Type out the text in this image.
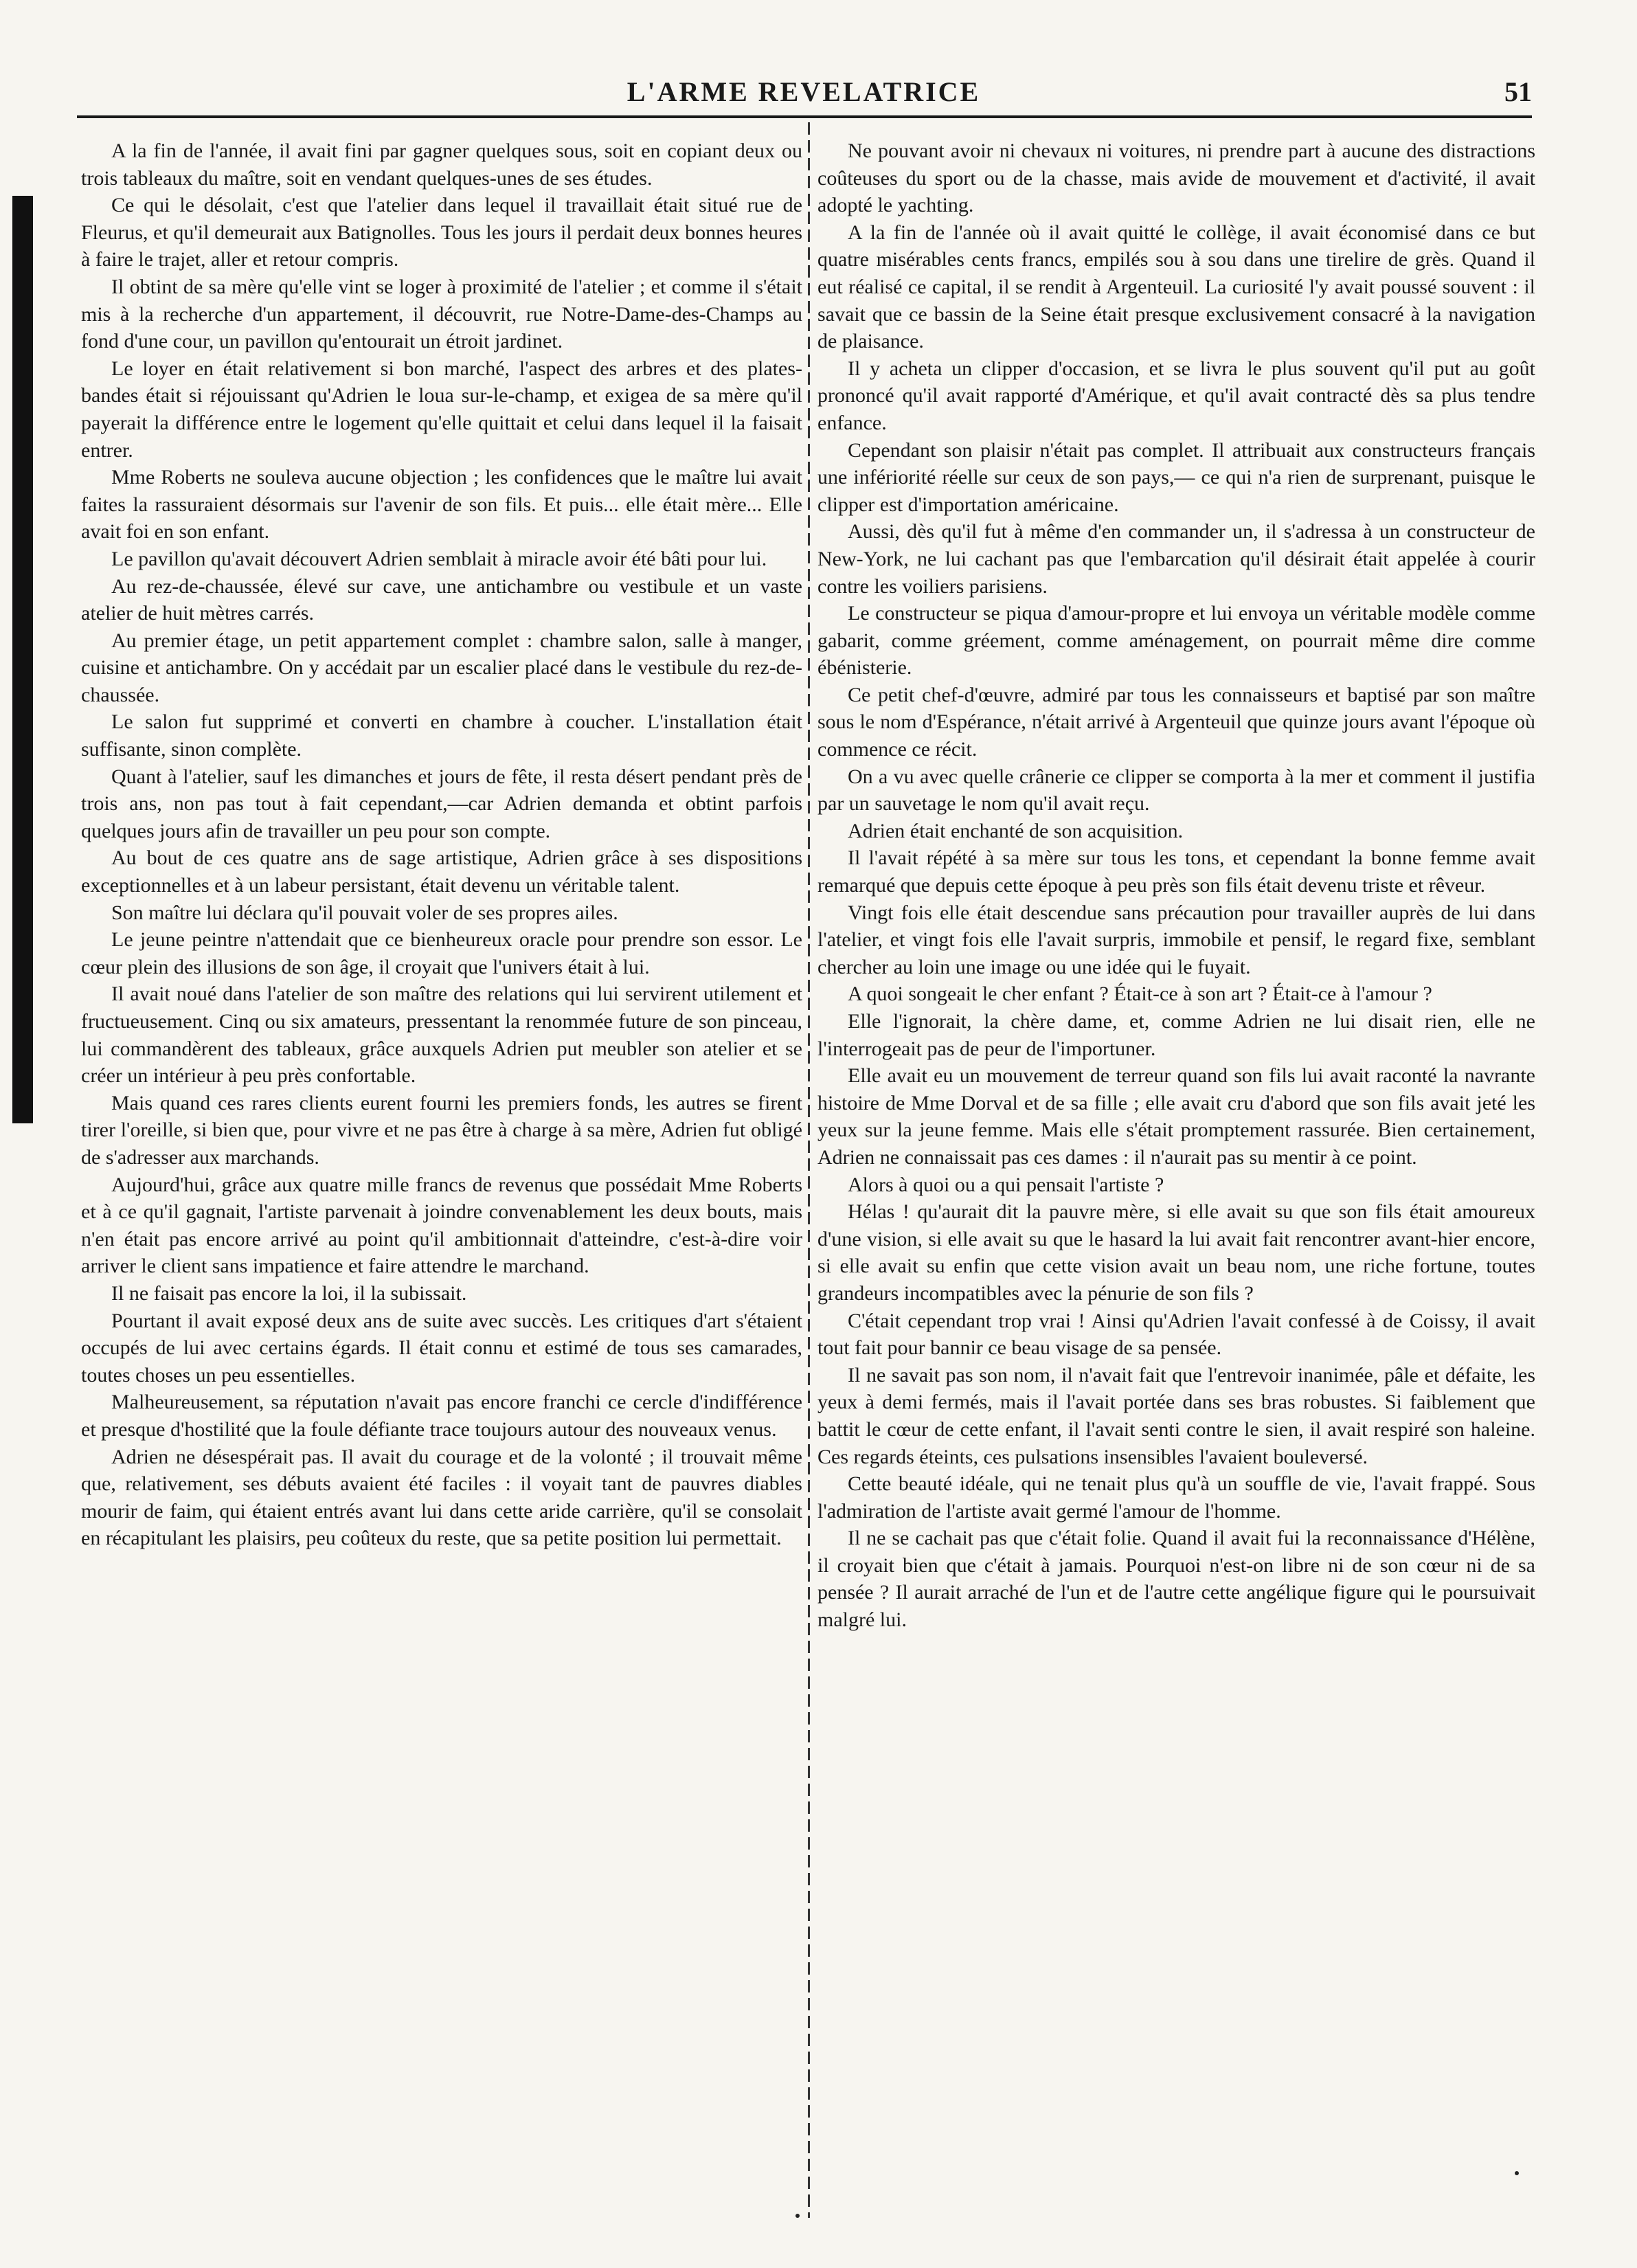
L'ARME REVELATRICE	51

A la fin de l'année, il avait fini par gagner quelques sous, soit en copiant deux ou trois tableaux du maître, soit en vendant quelques-unes de ses études.

Ce qui le désolait, c'est que l'atelier dans lequel il travaillait était situé rue de Fleurus, et qu'il demeurait aux Batignolles. Tous les jours il perdait deux bonnes heures à faire le trajet, aller et retour compris.

Il obtint de sa mère qu'elle vint se loger à proximité de l'atelier ; et comme il s'était mis à la recherche d'un appartement, il découvrit, rue Notre-Dame-des-Champs au fond d'une cour, un pavillon qu'entourait un étroit jardinet.

Le loyer en était relativement si bon marché, l'aspect des arbres et des plates-bandes était si réjouissant qu'Adrien le loua sur-le-champ, et exigea de sa mère qu'il payerait la différence entre le logement qu'elle quittait et celui dans lequel il la faisait entrer.

Mme Roberts ne souleva aucune objection ; les confidences que le maître lui avait faites la rassuraient désormais sur l'avenir de son fils. Et puis... elle était mère... Elle avait foi en son enfant.

Le pavillon qu'avait découvert Adrien semblait à miracle avoir été bâti pour lui.

Au rez-de-chaussée, élevé sur cave, une antichambre ou vestibule et un vaste atelier de huit mètres carrés.

Au premier étage, un petit appartement complet : chambre salon, salle à manger, cuisine et antichambre. On y accédait par un escalier placé dans le vestibule du rez-de-chaussée.

Le salon fut supprimé et converti en chambre à coucher. L'installation était suffisante, sinon complète.

Quant à l'atelier, sauf les dimanches et jours de fête, il resta désert pendant près de trois ans, non pas tout à fait cependant,—car Adrien demanda et obtint parfois quelques jours afin de travailler un peu pour son compte.

Au bout de ces quatre ans de sage artistique, Adrien grâce à ses dispositions exceptionnelles et à un labeur persistant, était devenu un véritable talent.

Son maître lui déclara qu'il pouvait voler de ses propres ailes.

Le jeune peintre n'attendait que ce bienheureux oracle pour prendre son essor. Le cœur plein des illusions de son âge, il croyait que l'univers était à lui.

Il avait noué dans l'atelier de son maître des relations qui lui servirent utilement et fructueusement. Cinq ou six amateurs, pressentant la renommée future de son pinceau, lui commandèrent des tableaux, grâce auxquels Adrien put meubler son atelier et se créer un intérieur à peu près confortable.

Mais quand ces rares clients eurent fourni les premiers fonds, les autres se firent tirer l'oreille, si bien que, pour vivre et ne pas être à charge à sa mère, Adrien fut obligé de s'adresser aux marchands.

Aujourd'hui, grâce aux quatre mille francs de revenus que possédait Mme Roberts et à ce qu'il gagnait, l'artiste parvenait à joindre convenablement les deux bouts, mais n'en était pas encore arrivé au point qu'il ambitionnait d'atteindre, c'est-à-dire voir arriver le client sans impatience et faire attendre le marchand.

Il ne faisait pas encore la loi, il la subissait.

Pourtant il avait exposé deux ans de suite avec succès. Les critiques d'art s'étaient occupés de lui avec certains égards. Il était connu et estimé de tous ses camarades, toutes choses un peu essentielles.

Malheureusement, sa réputation n'avait pas encore franchi ce cercle d'indifférence et presque d'hostilité que la foule défiante trace toujours autour des nouveaux venus.

Adrien ne désespérait pas. Il avait du courage et de la volonté ; il trouvait même que, relativement, ses débuts avaient été faciles : il voyait tant de pauvres diables mourir de faim, qui étaient entrés avant lui dans cette aride carrière, qu'il se consolait en récapitulant les plaisirs, peu coûteux du reste, que sa petite position lui permettait.

Ne pouvant avoir ni chevaux ni voitures, ni prendre part à aucune des distractions coûteuses du sport ou de la chasse, mais avide de mouvement et d'activité, il avait adopté le yachting.

A la fin de l'année où il avait quitté le collège, il avait économisé dans ce but quatre misérables cents francs, empilés sou à sou dans une tirelire de grès. Quand il eut réalisé ce capital, il se rendit à Argenteuil. La curiosité l'y avait poussé souvent : il savait que ce bassin de la Seine était presque exclusivement consacré à la navigation de plaisance.

Il y acheta un clipper d'occasion, et se livra le plus souvent qu'il put au goût prononcé qu'il avait rapporté d'Amérique, et qu'il avait contracté dès sa plus tendre enfance.

Cependant son plaisir n'était pas complet. Il attribuait aux constructeurs français une infériorité réelle sur ceux de son pays,— ce qui n'a rien de surprenant, puisque le clipper est d'importation américaine.

Aussi, dès qu'il fut à même d'en commander un, il s'adressa à un constructeur de New-York, ne lui cachant pas que l'embarcation qu'il désirait était appelée à courir contre les voiliers parisiens.

Le constructeur se piqua d'amour-propre et lui envoya un véritable modèle comme gabarit, comme gréement, comme aménagement, on pourrait même dire comme ébénisterie.

Ce petit chef-d'œuvre, admiré par tous les connaisseurs et baptisé par son maître sous le nom d'Espérance, n'était arrivé à Argenteuil que quinze jours avant l'époque où commence ce récit.

On a vu avec quelle crânerie ce clipper se comporta à la mer et comment il justifia par un sauvetage le nom qu'il avait reçu.

Adrien était enchanté de son acquisition.

Il l'avait répété à sa mère sur tous les tons, et cependant la bonne femme avait remarqué que depuis cette époque à peu près son fils était devenu triste et rêveur.

Vingt fois elle était descendue sans précaution pour travailler auprès de lui dans l'atelier, et vingt fois elle l'avait surpris, immobile et pensif, le regard fixe, semblant chercher au loin une image ou une idée qui le fuyait.

A quoi songeait le cher enfant ? Était-ce à son art ? Était-ce à l'amour ?

Elle l'ignorait, la chère dame, et, comme Adrien ne lui disait rien, elle ne l'interrogeait pas de peur de l'importuner.

Elle avait eu un mouvement de terreur quand son fils lui avait raconté la navrante histoire de Mme Dorval et de sa fille ; elle avait cru d'abord que son fils avait jeté les yeux sur la jeune femme. Mais elle s'était promptement rassurée. Bien certainement, Adrien ne connaissait pas ces dames : il n'aurait pas su mentir à ce point.

Alors à quoi ou a qui pensait l'artiste ?

Hélas ! qu'aurait dit la pauvre mère, si elle avait su que son fils était amoureux d'une vision, si elle avait su que le hasard la lui avait fait rencontrer avant-hier encore, si elle avait su enfin que cette vision avait un beau nom, une riche fortune, toutes grandeurs incompatibles avec la pénurie de son fils ?

C'était cependant trop vrai ! Ainsi qu'Adrien l'avait confessé à de Coissy, il avait tout fait pour bannir ce beau visage de sa pensée.

Il ne savait pas son nom, il n'avait fait que l'entrevoir inanimée, pâle et défaite, les yeux à demi fermés, mais il l'avait portée dans ses bras robustes. Si faiblement que battit le cœur de cette enfant, il l'avait senti contre le sien, il avait respiré son haleine. Ces regards éteints, ces pulsations insensibles l'avaient bouleversé.

Cette beauté idéale, qui ne tenait plus qu'à un souffle de vie, l'avait frappé. Sous l'admiration de l'artiste avait germé l'amour de l'homme.

Il ne se cachait pas que c'était folie. Quand il avait fui la reconnaissance d'Hélène, il croyait bien que c'était à jamais. Pourquoi n'est-on libre ni de son cœur ni de sa pensée ? Il aurait arraché de l'un et de l'autre cette angélique figure qui le poursuivait malgré lui.
